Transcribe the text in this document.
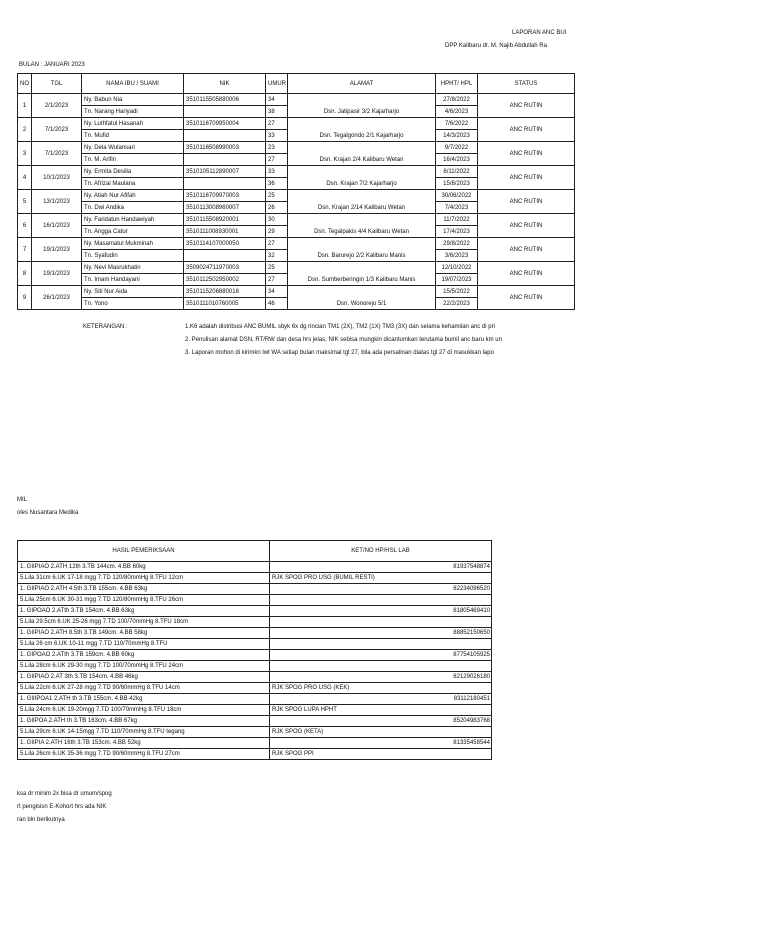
LAPORAN ANC BUI
DPP Kalibaru dr. M. Najib Abdullah Ra
BULAN : JANUARI 2023
NO	TGL	NAMA IBU / SUAMI	NIK	UMUR	ALAMAT	HPHT/ HPL	STATUS
1	2/1/2023	Ny. Babun Nia	3510115505880006	34	Dsn. Jatipasir 3/2 Kajarharjo	27/8/2022	ANC RUTIN
		Tn. Narang Hariyadi		38		4/6/2023	
2	7/1/2023	Ny. Luthfatul Hasanah	3510116709950004	27	Dsn. Tegalgondo 2/1 Kajarharjo	7/6/2022	ANC RUTIN
		Tn. Mufid		33		14/3/2023	
3	7/1/2023	Ny. Dela Wulansari	3510116508990003	23	Dsn. Krajan 2/4 Kalibaru Wetan	9/7/2022	ANC RUTIN
		Tn. M. Arifin		27		16/4/2023	
4	10/1/2023	Ny. Ermita Desilia	3510105112890007	33	Dsn. Krajan 7/2 Kajarharjo	8/11/2022	ANC RUTIN
		Tn. Afrizal Maulana		36		15/8/2023	
5	13/1/2023	Ny. Atiah Nur Afifah	3510116709970003	25	Dsn. Krajan 2/14 Kalibaru Wetan	30/06/2022	ANC RUTIN
		Tn. Dwi Andika	3510113008960007	26		7/4/2023	
6	16/1/2023	Ny. Faridatun Handawiyah	3510115508920001	30	Dsn. Tegalpakis 4/4 Kalibaru Wetan	11/7/2022	ANC RUTIN
		Tn. Angga Catur	3510111008930001	29		17/4/2023	
7	19/1/2023	Ny. Masamatul Mukminah	3510114107000050	27	Dsn. Barurejo 2/2 Kalibaru Manis	29/8/2022	ANC RUTIN
		Tn. Syafudin		32		3/6/2023	
8	19/1/2023	Ny. Nevi Masrukhatin	3509024711970003	25	Dsn. Sumberberingin 1/3 Kalibaru Manis	12/10/2022	ANC RUTIN
		Tn. Imam Handayani	3510112502950002	27		19/07/2023	
9	26/1/2023	Ny. Siti Nur Aida	3510115206880018	34	Dsn. Wonorejo 5/1	15/5/2022	ANC RUTIN
		Tn. Yono	3510111010760005	46		22/2/2023	
KETERANGAN :	1.K6 adalah distribusi ANC BUMIL sbyk 6x dg rincian TM1 (2X), TM2 (1X) TM3 (3X) dan selama kehamilan anc di pri
2. Penulisan alamat DSN, RT/RW dan desa hrs jelas, NIK sebisa mungkin dicantumkan terutama bumil anc baru km un
3. Laporan mohon di kirimkn lwt WA setiap bulan maksimal tgl 27, bila ada persalinan diatas tgl 27 di masukkan lapo
MIL
oles Nusantara Medika
HASIL PEMERIKSAAN	KET/NO HP/HSL LAB
1. GIIPIAO 2.ATH 12th 3.TB 144cm. 4.BB 60kg	81937548874

5.Lila 31cm 6.UK 17-18 mgg 7.TD 120/80mmHg 8.TFU 12cm	RJK SPOG PRO USG (BUMIL RESTI)

1. GIIPIAO 2.ATH 4.5th 3.TB 155cm. 4.BB 63kg	82234096520

5.Lila 25cm 6.UK 30-31 mgg 7.TD 120/80mmHg 8.TFU 26cm	

1. GIPOAO 2.ATth 3.TB 154cm. 4.BB 63kg	81805469410

5.Lila 29.5cm 6.UK 25-26 mgg 7.TD 100/70mmHg 8.TFU 18cm	

1. GIIPIAO 2.ATH 8.5th 3.TB 149cm. 4.BB 58kg	88852150650

5.Lila 26 cm 6.UK 10-11 mgg 7.TD 110/70mmHg 8.TFU	

1. GIPOAO 2.ATth 3.TB 159cm. 4.BB 60kg	87754105925

5.Lila 28cm 6.UK 29-30 mgg 7.TD 100/70mmHg 8.TFU 24cm	

1. GIIPIAO 2.AT 3th 3.TB 154cm. 4.BB 46kg	82129026180

5.Lila 22cm 6.UK 27-28 mgg 7.TD 90/60mmHg 8.TFU 14cm	RJK SPOG PRO USG (KEK)

1. GIIIPOA1 2.ATH th 3.TB 155cm. 4.BB 42kg	83112180451

5.Lila 24cm 6.UK 19-20mgg 7.TD 100/70mmHg 8.TFU 18cm	RJK SPOG LUPA HPHT

1. GIIPOA 2.ATH th 3.TB 163cm. 4.BB 67kg	85204983768

5.Lila 29cm 6.UK 14-15mgg 7.TD 110/70mmHg 8.TFU tegang	RJK SPOG (KETA)

1. GIIPIA 2.ATH 16th 3.TB 153cm. 4.BB 52kg	81335458544

5.Lila 26cm 6.UK 35-36 mgg 7.TD 90/60mmHg 8.TFU 27cm	RJK SPOG PPI
ksa dr minim 2x bisa dr umum/spog
rt pengisisn E-Kohort hrs ada NIK
ran bln berikutnya
